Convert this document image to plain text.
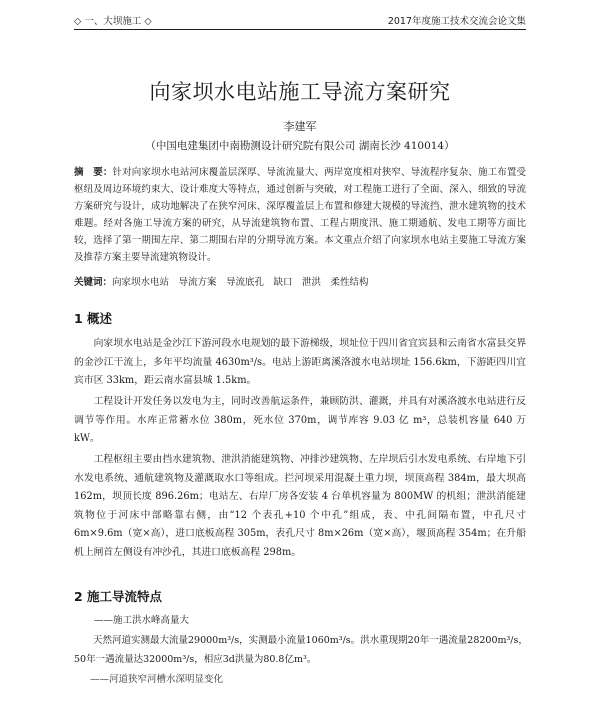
◇ 一、大坝施工 ◇	2017年度施工技术交流会论文集
向家坝水电站施工导流方案研究
李建军
（中国电建集团中南勘测设计研究院有限公司 湖南长沙 410014）
摘　要：针对向家坝水电站河床覆盖层深厚、导流流量大、两岸宽度相对狭窄、导流程序复杂、施工布置受枢纽及周边环境约束大、设计难度大等特点，通过创新与突破，对工程施工进行了全面、深入、细致的导流方案研究与设计，成功地解决了在狭窄河床、深厚覆盖层上布置和修建大规模的导流挡、泄水建筑物的技术难题。经对各施工导流方案的研究，从导流建筑物布置、工程占期度汛、施工期通航、发电工期等方面比较，选择了第一期围左岸、第二期围右岸的分期导流方案。本文重点介绍了向家坝水电站主要施工导流方案及推荐方案主要导流建筑物设计。
关键词：向家坝水电站　导流方案　导流底孔　缺口　泄洪　柔性结构
1 概述
向家坝水电站是金沙江下游河段水电规划的最下游梯级，坝址位于四川省宜宾县和云南省水富县交界的金沙江干流上，多年平均流量 4630m³/s。电站上游距离溪洛渡水电站坝址 156.6km，下游距四川宜宾市区 33km，距云南水富县城 1.5km。
工程设计开发任务以发电为主，同时改善航运条件，兼顾防洪、灌溉，并具有对溪洛渡水电站进行反调节等作用。水库正常蓄水位 380m，死水位 370m，调节库容 9.03 亿 m³，总装机容量 640 万 kW。
工程枢纽主要由挡水建筑物、泄洪消能建筑物、冲排沙建筑物、左岸坝后引水发电系统、右岸地下引水发电系统、通航建筑物及灌溉取水口等组成。拦河坝采用混凝土重力坝，坝顶高程 384m，最大坝高 162m，坝顶长度 896.26m；电站左、右岸厂房各安装 4 台单机容量为 800MW 的机组；泄洪消能建筑物位于河床中部略靠右侧，由“12 个表孔+10 个中孔”组成，表、中孔间隔布置，中孔尺寸 6m×9.6m（宽×高），进口底板高程 305m，表孔尺寸 8m×26m（宽×高），堰顶高程 354m；在升船机上闸首左侧设有冲沙孔，其进口底板高程 298m。
2 施工导流特点
——施工洪水峰高量大
天然河道实测最大流量29000m³/s，实测最小流量1060m³/s。洪水重现期20年一遇流量28200m³/s，50年一遇流量达32000m³/s，相应3d洪量为80.8亿m³。
——河道狭窄河槽水深明显变化
